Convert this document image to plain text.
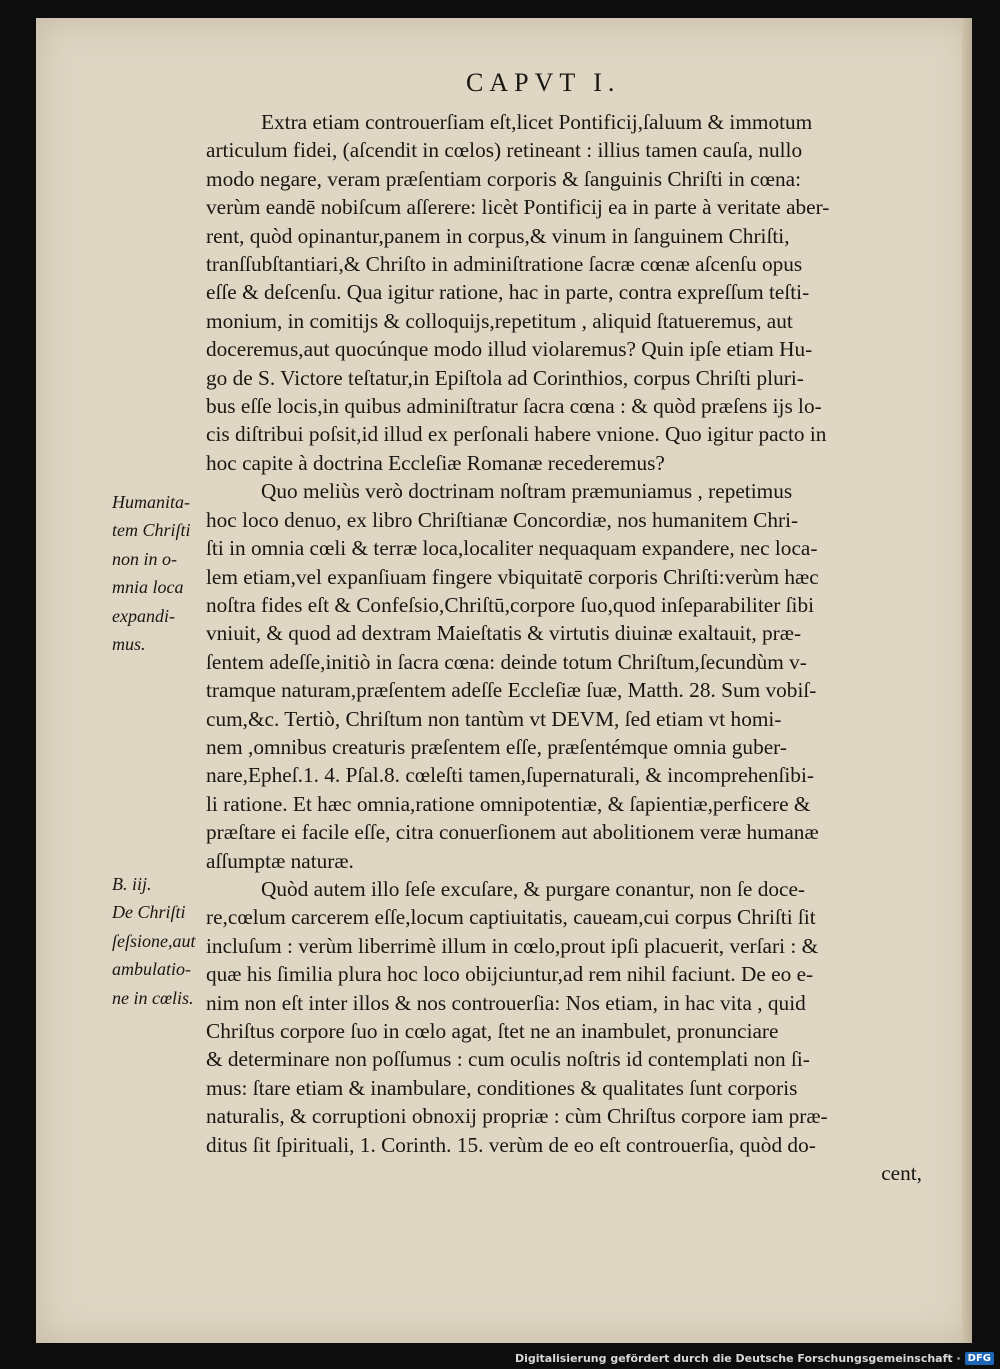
CAPVT I.
Extra etiam controuerſiam eſt,licet Pontificij,ſaluum & immotum
articulum fidei, (aſcendit in cœlos) retineant : illius tamen cauſa, nullo
modo negare, veram præſentiam corporis & ſanguinis Chriſti in cœna:
verùm eandē nobiſcum aſſerere: licèt Pontificij ea in parte à veritate aber-
rent, quòd opinantur,panem in corpus,& vinum in ſanguinem Chriſti,
tranſſubſtantiari,& Chriſto in adminiſtratione ſacræ cœnæ aſcenſu opus
eſſe & deſcenſu. Qua igitur ratione, hac in parte, contra expreſſum teſti-
monium, in comitijs & colloquijs,repetitum , aliquid ſtatueremus, aut
doceremus,aut quocúnque modo illud violaremus? Quin ipſe etiam Hu-
go de S. Victore teſtatur,in Epiſtola ad Corinthios, corpus Chriſti pluri-
bus eſſe locis,in quibus adminiſtratur ſacra cœna : & quòd præſens ijs lo-
cis diſtribui poſsit,id illud ex perſonali habere vnione. Quo igitur pacto in
hoc capite à doctrina Eccleſiæ Romanæ recederemus?
Quo meliùs verò doctrinam noſtram præmuniamus , repetimus
hoc loco denuo, ex libro Chriſtianæ Concordiæ, nos humanitem Chri-
ſti in omnia cœli & terræ loca,localiter nequaquam expandere, nec loca-
lem etiam,vel expanſiuam fingere vbiquitatē corporis Chriſti:verùm hæc
noſtra fides eſt & Confeſsio,Chriſtū,corpore ſuo,quod inſeparabiliter ſibi
vniuit, & quod ad dextram Maieſtatis & virtutis diuinæ exaltauit, præ-
ſentem adeſſe,initiò in ſacra cœna: deinde totum Chriſtum,ſecundùm v-
tramque naturam,præſentem adeſſe Eccleſiæ ſuæ, Matth. 28. Sum vobiſ-
cum,&c. Tertiò, Chriſtum non tantùm vt DEVM, ſed etiam vt homi-
nem ,omnibus creaturis præſentem eſſe, præſentémque omnia guber-
nare,Epheſ.1. 4. Pſal.8. cœleſti tamen,ſupernaturali, & incomprehenſibi-
li ratione. Et hæc omnia,ratione omnipotentiæ, & ſapientiæ,perficere &
præſtare ei facile eſſe, citra conuerſionem aut abolitionem veræ humanæ
aſſumptæ naturæ.
Quòd autem illo ſeſe excuſare, & purgare conantur, non ſe doce-
re,cœlum carcerem eſſe,locum captiuitatis, caueam,cui corpus Chriſti ſit
incluſum : verùm liberrimè illum in cœlo,prout ipſi placuerit, verſari : &
quæ his ſimilia plura hoc loco obijciuntur,ad rem nihil faciunt. De eo e-
nim non eſt inter illos & nos controuerſia: Nos etiam, in hac vita , quid
Chriſtus corpore ſuo in cœlo agat, ſtet ne an inambulet, pronunciare
& determinare non poſſumus : cum oculis noſtris id contemplati non ſi-
mus: ſtare etiam & inambulare, conditiones & qualitates ſunt corporis
naturalis, & corruptioni obnoxij propriæ : cùm Chriſtus corpore iam præ-
ditus ſit ſpirituali, 1. Corinth. 15. verùm de eo eſt controuerſia, quòd do-
cent,
Humanita-
tem Chriſti
non in o-
mnia loca
expandi-
mus.
B. iij.
De Chriſti
ſeſsione,aut
ambulatio-
ne in cœlis.
Digitalisierung gefördert durch die Deutsche Forschungsgemeinschaft · DFG
